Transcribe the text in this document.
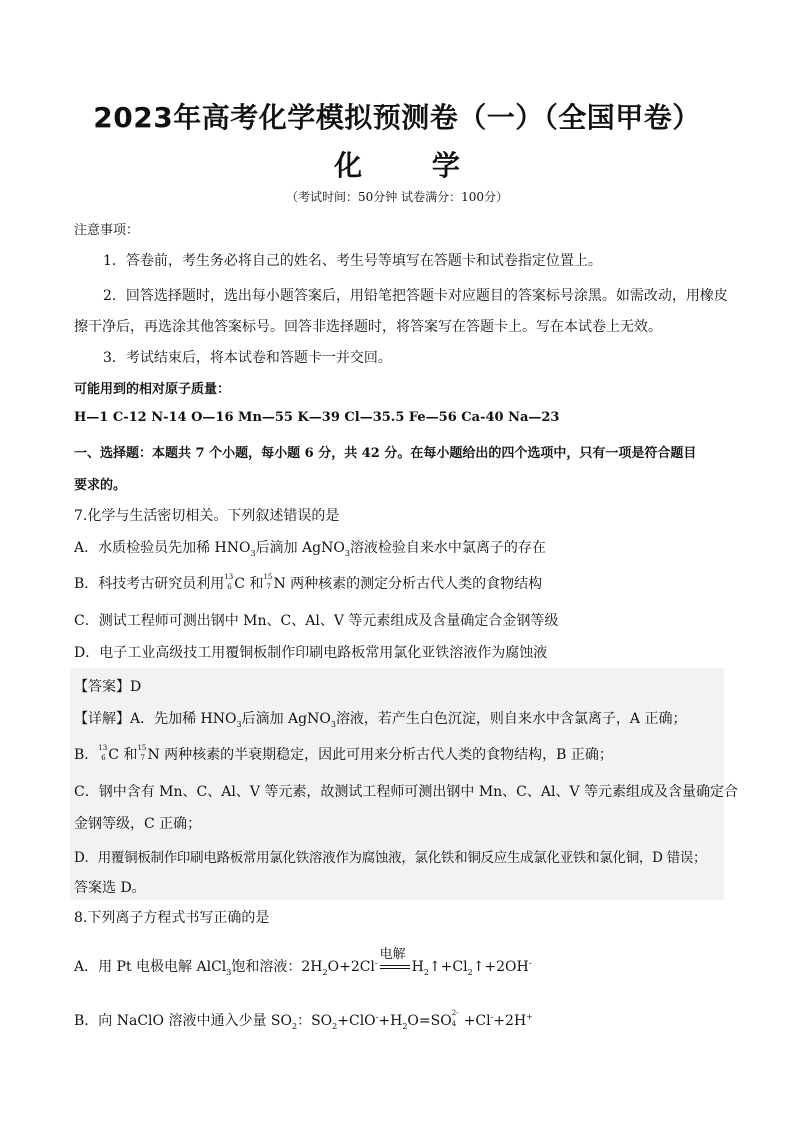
2023年高考化学模拟预测卷（一）（全国甲卷）
化 学
（考试时间：50分钟 试卷满分：100分）
注意事项：
1．答卷前，考生务必将自己的姓名、考生号等填写在答题卡和试卷指定位置上。
2．回答选择题时，选出每小题答案后，用铅笔把答题卡对应题目的答案标号涂黑。如需改动，用橡皮
擦干净后，再选涂其他答案标号。回答非选择题时，将答案写在答题卡上。写在本试卷上无效。
3．考试结束后，将本试卷和答题卡一并交回。
可能用到的相对原子质量：
H—1 C-12 N-14 O—16 Mn—55 K—39 Cl—35.5 Fe—56 Ca-40 Na—23
一、选择题：本题共 7 个小题，每小题 6 分，共 42 分。在每小题给出的四个选项中，只有一项是符合题目
要求的。
7.化学与生活密切相关。下列叙述错误的是
A．水质检验员先加稀 $HNO_3$后滴加 AgNO$_3$溶液检验自来水中氯离子的存在
B．科技考古研究员利用 13
6 C 和 15
7 N 两种核素的测定分析古代人类的食物结构
C．测试工程师可测出钢中 Mn、C、Al、V 等元素组成及含量确定合金钢等级
D．电子工业高级技工用覆铜板制作印刷电路板常用氯化亚铁溶液作为腐蚀液
【答案】D
【详解】A．先加稀 $HNO_3$后滴加 AgNO$_3$溶液，若产生白色沉淀，则自来水中含氯离子，A 正确；
B． 13
6 C 和 15
7 N 两种核素的半衰期稳定，因此可用来分析古代人类的食物结构，B 正确；
C．钢中含有 Mn、C、Al、V 等元素，故测试工程师可测出钢中 Mn、C、Al、V 等元素组成及含量确定合
金钢等级，C 正确；
D．用覆铜板制作印刷电路板常用氯化铁溶液作为腐蚀液，氯化铁和铜反应生成氯化亚铁和氯化铜，D 错误；
答案选 D。
8.下列离子方程式书写正确的是
A．用 Pt 电极电解 AlCl$_3$饱和溶液：$2H_2O+2Cl^-$
电解
$H_2↑+Cl_2↑+2OH^-$
B．向 NaClO 溶液中通入少量 $SO_2$：$SO_2+ClO^-+H_2O=SO$ 2-
4 +Cl-+2H+
